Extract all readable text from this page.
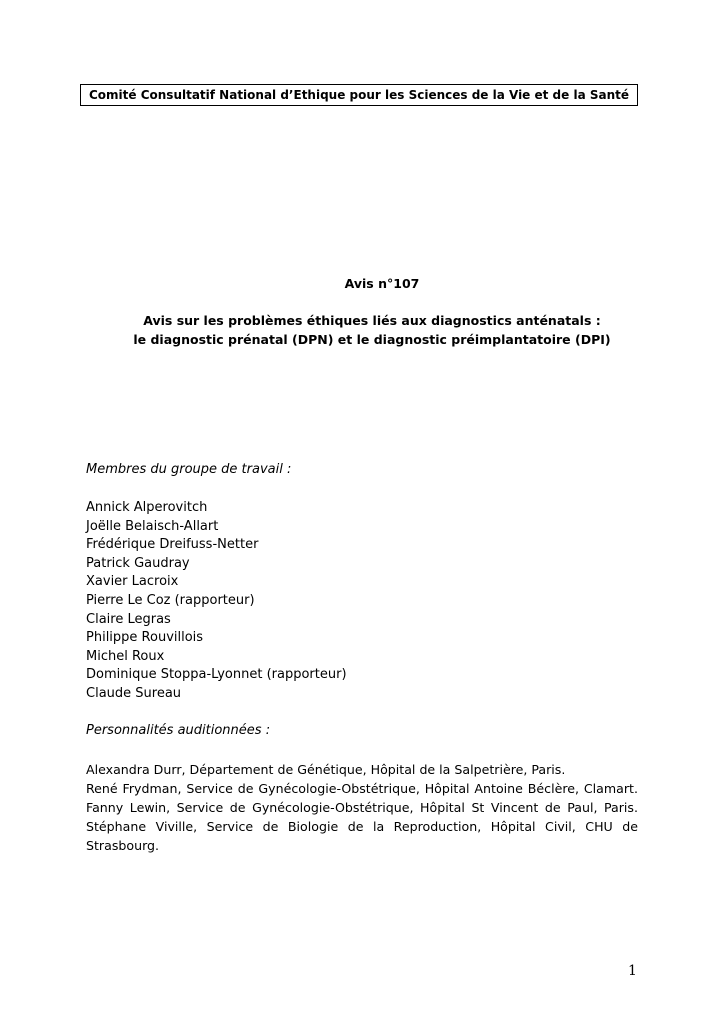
Comité Consultatif National d’Ethique pour les Sciences de la Vie et de la Santé
Avis n°107
Avis sur les problèmes éthiques liés aux diagnostics anténatals :
le diagnostic prénatal (DPN) et le diagnostic préimplantatoire (DPI)
Membres du groupe de travail :
Annick Alperovitch
Joëlle Belaisch-Allart
Frédérique Dreifuss-Netter
Patrick Gaudray
Xavier Lacroix
Pierre Le Coz (rapporteur)
Claire Legras
Philippe Rouvillois
Michel Roux
Dominique Stoppa-Lyonnet (rapporteur)
Claude Sureau
Personnalités auditionnées :
Alexandra Durr, Département de Génétique, Hôpital de la Salpetrière, Paris.
René Frydman, Service de Gynécologie-Obstétrique, Hôpital Antoine Béclère, Clamart.
Fanny Lewin, Service de Gynécologie-Obstétrique, Hôpital St Vincent de Paul, Paris.
Stéphane Viville, Service de Biologie de la Reproduction, Hôpital Civil, CHU de
Strasbourg.
1
